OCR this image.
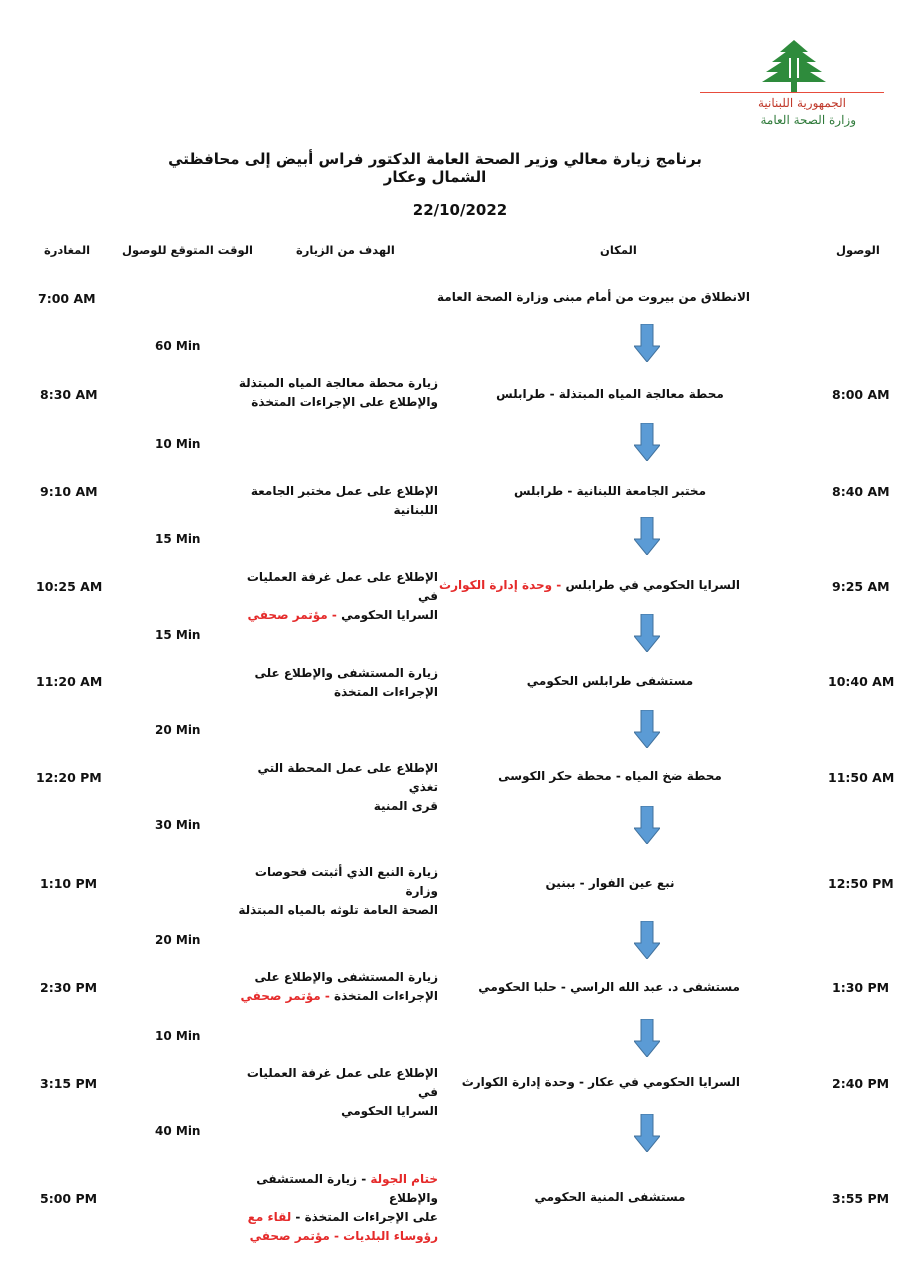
الجمهورية اللبنانية
وزارة الصحة العامة
برنامج زيارة معالي وزير الصحة العامة الدكتور فراس أبيض إلى محافظتي الشمال وعكار
22/10/2022
الوصول
المكان
الهدف من الزيارة
الوقت المتوقع للوصول
المغادرة
الانطلاق من بيروت من أمام مبنى وزارة الصحة العامة
7:00 AM
60 Min
10 Min
15 Min
15 Min
20 Min
30 Min
20 Min
10 Min
40 Min
8:00 AM
محطة معالجة المياه المبتذلة - طرابلس
زيارة محطة معالجة المياه المبتذلة
والإطلاع على الإجراءات المتخذة
8:30 AM
8:40 AM
مختبر الجامعة اللبنانية - طرابلس
الإطلاع على عمل مختبر الجامعة اللبنانية
9:10 AM
9:25 AM
السرايا الحكومي في طرابلس - وحدة إدارة الكوارث
الإطلاع على عمل غرفة العمليات في
السرايا الحكومي - مؤتمر صحفي
10:25 AM
10:40 AM
مستشفى طرابلس الحكومي
زيارة المستشفى والإطلاع على
الإجراءات المتخذة
11:20 AM
11:50 AM
محطة ضخ المياه - محطة حكر الكوسى
الإطلاع على عمل المحطة التي تغذي
قرى المنية
12:20 PM
12:50 PM
نبع عين الفوار - ببنين
زيارة النبع الذي أثبتت فحوصات وزارة
الصحة العامة تلوثه بالمياه المبتذلة
1:10 PM
1:30 PM
مستشفى د. عبد الله الراسي - حلبا الحكومي
زيارة المستشفى والإطلاع على
الإجراءات المتخذة - مؤتمر صحفي
2:30 PM
2:40 PM
السرايا الحكومي في عكار - وحدة إدارة الكوارث
الإطلاع على عمل غرفة العمليات في
السرايا الحكومي
3:15 PM
3:55 PM
مستشفى المنية الحكومي
ختام الجولة - زيارة المستشفى والإطلاع
على الإجراءات المتخذة - لقاء مع
رؤوساء البلديات - مؤتمر صحفي
5:00 PM
